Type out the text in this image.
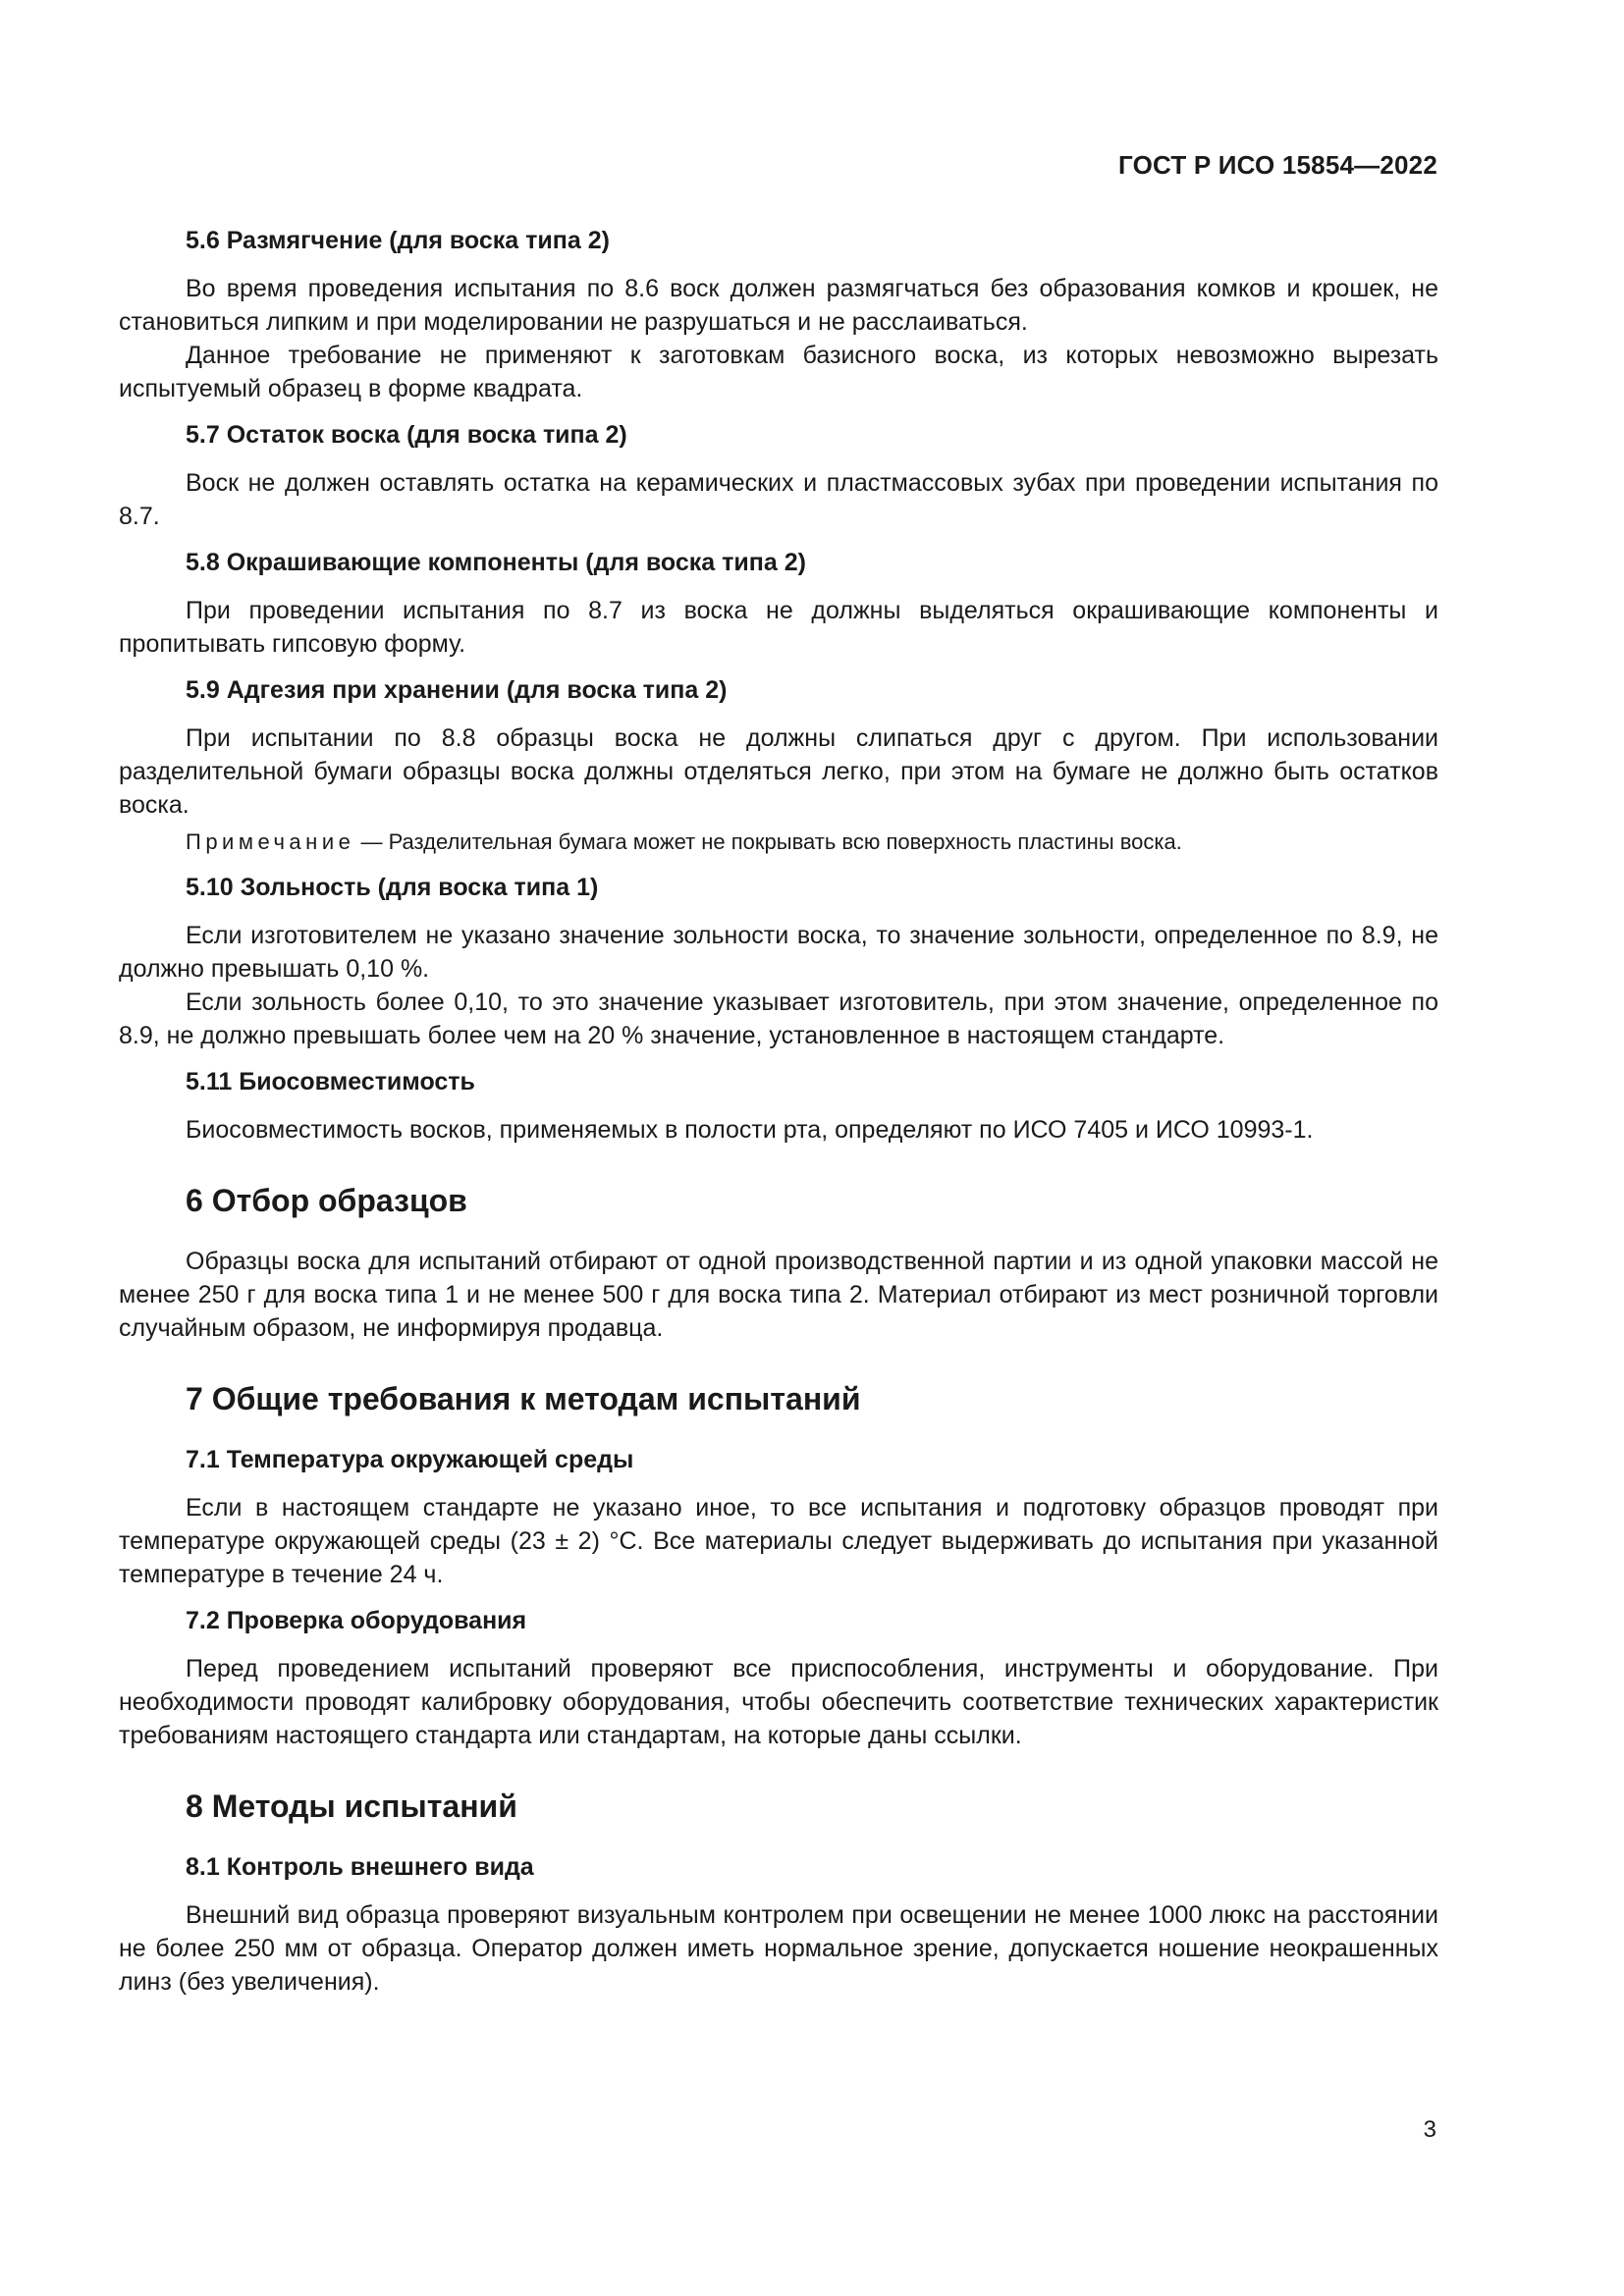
ГОСТ Р ИСО 15854—2022
5.6 Размягчение (для воска типа 2)

Во время проведения испытания по 8.6 воск должен размягчаться без образования комков и крошек, не становиться липким и при моделировании не разрушаться и не расслаиваться.

Данное требование не применяют к заготовкам базисного воска, из которых невозможно вырезать испытуемый образец в форме квадрата.

5.7 Остаток воска (для воска типа 2)

Воск не должен оставлять остатка на керамических и пластмассовых зубах при проведении испытания по 8.7.

5.8 Окрашивающие компоненты (для воска типа 2)

При проведении испытания по 8.7 из воска не должны выделяться окрашивающие компоненты и пропитывать гипсовую форму.

5.9 Адгезия при хранении (для воска типа 2)

При испытании по 8.8 образцы воска не должны слипаться друг с другом. При использовании разделительной бумаги образцы воска должны отделяться легко, при этом на бумаге не должно быть остатков воска.

Примечание — Разделительная бумага может не покрывать всю поверхность пластины воска.

5.10 Зольность (для воска типа 1)

Если изготовителем не указано значение зольности воска, то значение зольности, определенное по 8.9, не должно превышать 0,10 %.

Если зольность более 0,10, то это значение указывает изготовитель, при этом значение, определенное по 8.9, не должно превышать более чем на 20 % значение, установленное в настоящем стандарте.

5.11 Биосовместимость

Биосовместимость восков, применяемых в полости рта, определяют по ИСО 7405 и ИСО 10993-1.

6 Отбор образцов

Образцы воска для испытаний отбирают от одной производственной партии и из одной упаковки массой не менее 250 г для воска типа 1 и не менее 500 г для воска типа 2. Материал отбирают из мест розничной торговли случайным образом, не информируя продавца.

7 Общие требования к методам испытаний
7.1 Температура окружающей среды

Если в настоящем стандарте не указано иное, то все испытания и подготовку образцов проводят при температуре окружающей среды (23 ± 2) °С. Все материалы следует выдерживать до испытания при указанной температуре в течение 24 ч.

7.2 Проверка оборудования

Перед проведением испытаний проверяют все приспособления, инструменты и оборудование. При необходимости проводят калибровку оборудования, чтобы обеспечить соответствие технических характеристик требованиям настоящего стандарта или стандартам, на которые даны ссылки.

8 Методы испытаний
8.1 Контроль внешнего вида

Внешний вид образца проверяют визуальным контролем при освещении не менее 1000 люкс на расстоянии не более 250 мм от образца. Оператор должен иметь нормальное зрение, допускается ношение неокрашенных линз (без увеличения).

3
